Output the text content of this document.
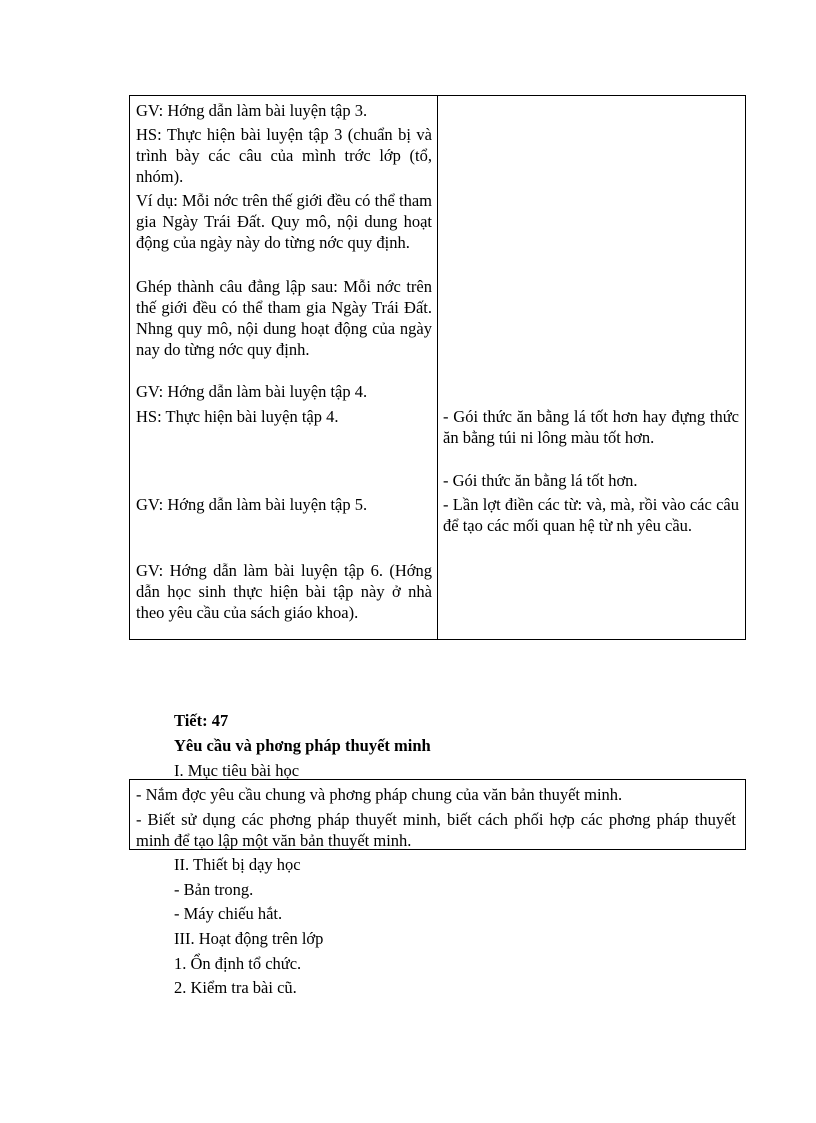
GV: Hớng dẫn làm bài luyện tập 3.

HS: Thực hiện bài luyện tập 3 (chuẩn bị và trình bày các câu của mình trớc lớp (tổ, nhóm).

Ví dụ: Mỗi nớc trên thế giới đều có thể tham gia Ngày Trái Đất. Quy mô, nội dung hoạt động của ngày này do từng nớc quy định.

Ghép thành câu đẳng lập sau: Mỗi nớc trên thế giới đều có thể tham gia Ngày Trái Đất. Nhng quy mô, nội dung hoạt động của ngày nay do từng nớc quy định.

GV: Hớng dẫn làm bài luyện tập 4.

HS: Thực hiện bài luyện tập 4.

GV: Hớng dẫn làm bài luyện tập 5.

GV: Hớng dẫn làm bài luyện tập 6. (Hớng dẫn học sinh thực hiện bài tập này ở nhà theo yêu cầu của sách giáo khoa).

- Gói thức ăn bằng lá tốt hơn hay đựng thức ăn bằng túi ni lông màu tốt hơn.

- Gói thức ăn bằng lá tốt hơn.

- Lần lợt điền các từ: và, mà, rồi vào các câu để tạo các mối quan hệ từ nh yêu cầu.

Tiết: 47
Yêu cầu và phơng pháp thuyết minh
I. Mục tiêu bài học

- Nắm đợc yêu cầu chung và phơng pháp chung của văn bản thuyết minh.

- Biết sử dụng các phơng pháp thuyết minh, biết cách phối hợp các phơng pháp thuyết minh để tạo lập một văn bản thuyết minh.

II. Thiết bị dạy học
- Bản trong.
- Máy chiếu hắt.
III. Hoạt động trên lớp
1. Ổn định tổ chức.
2. Kiểm tra bài cũ.
